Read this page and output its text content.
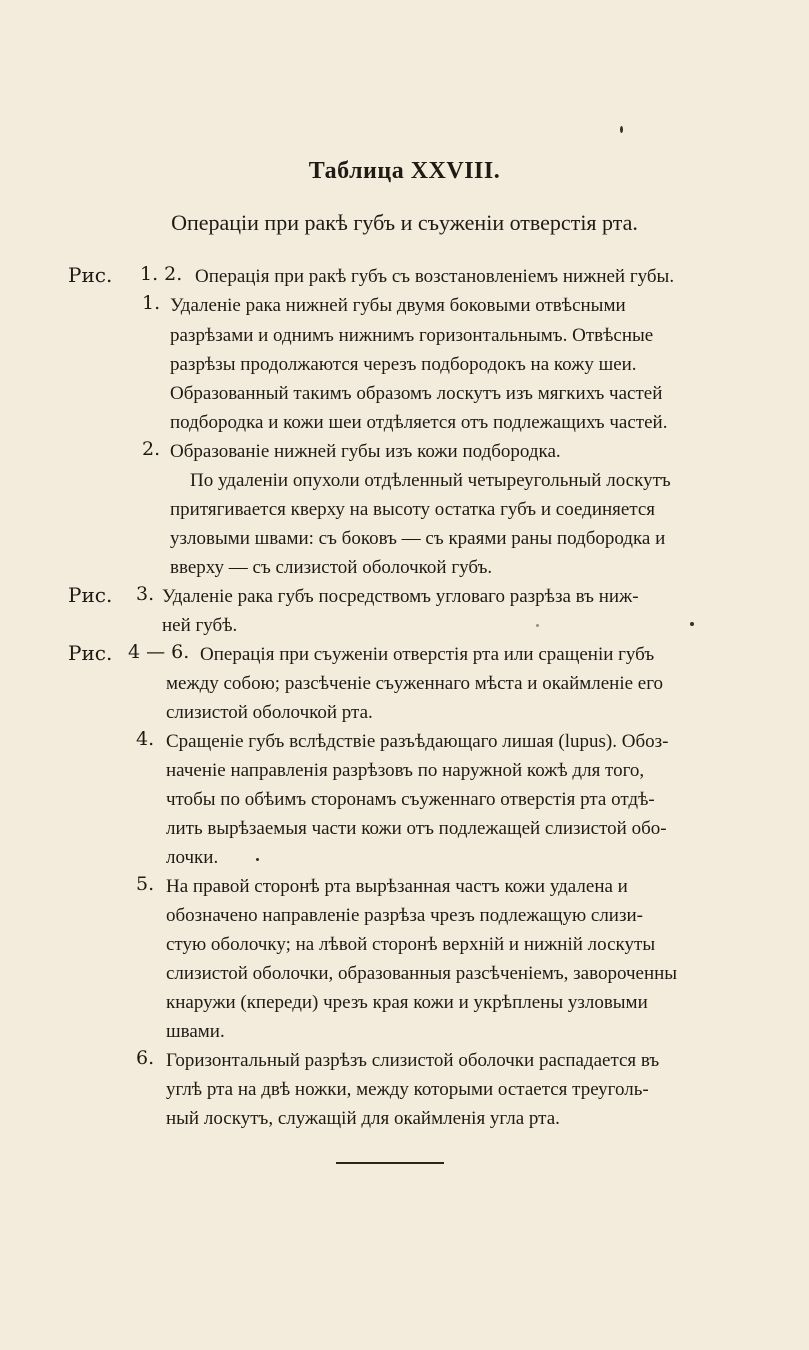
Таблица XXVIII.
Операціи при ракѣ губъ и съуженіи отверстія рта.
Рис. 1. 2. Операція при ракѣ губъ съ возстановленіемъ нижней губы.
1. Удаленіе рака нижней губы двумя боковыми отвѣсными
разрѣзами и однимъ нижнимъ горизонтальнымъ. Отвѣсные
разрѣзы продолжаются черезъ подбородокъ на кожу шеи.
Образованный такимъ образомъ лоскутъ изъ мягкихъ частей
подбородка и кожи шеи отдѣляется отъ подлежащихъ частей.
2. Образованіе нижней губы изъ кожи подбородка.
По удаленіи опухоли отдѣленный четыреугольный лоскутъ
притягивается кверху на высоту остатка губъ и соединяется
узловыми швами: съ боковъ — съ краями раны подбородка и
вверху — съ слизистой оболочкой губъ.
Рис. 3. Удаленіе рака губъ посредствомъ угловаго разрѣза въ ниж-
ней губѣ.
Рис. 4 — 6. Операція при съуженіи отверстія рта или сращеніи губъ
между собою; разсѣченіе съуженнаго мѣста и окаймленіе его
слизистой оболочкой рта.
4. Сращеніе губъ вслѣдствіе разъѣдающаго лишая (lupus). Обоз-
наченіе направленія разрѣзовъ по наружной кожѣ для того,
чтобы по обѣимъ сторонамъ съуженнаго отверстія рта отдѣ-
лить вырѣзаемыя части кожи отъ подлежащей слизистой обо-
лочки.
5. На правой сторонѣ рта вырѣзанная частъ кожи удалена и
обозначено направленіе разрѣза чрезъ подлежащую слизи-
стую оболочку; на лѣвой сторонѣ верхній и нижній лоскуты
слизистой оболочки, образованныя разсѣченіемъ, завороченны
кнаружи (кпереди) чрезъ края кожи и укрѣплены узловыми
швами.
6. Горизонтальный разрѣзъ слизистой оболочки распадается въ
углѣ рта на двѣ ножки, между которыми остается треуголь-
ный лоскутъ, служащій для окаймленія угла рта.
